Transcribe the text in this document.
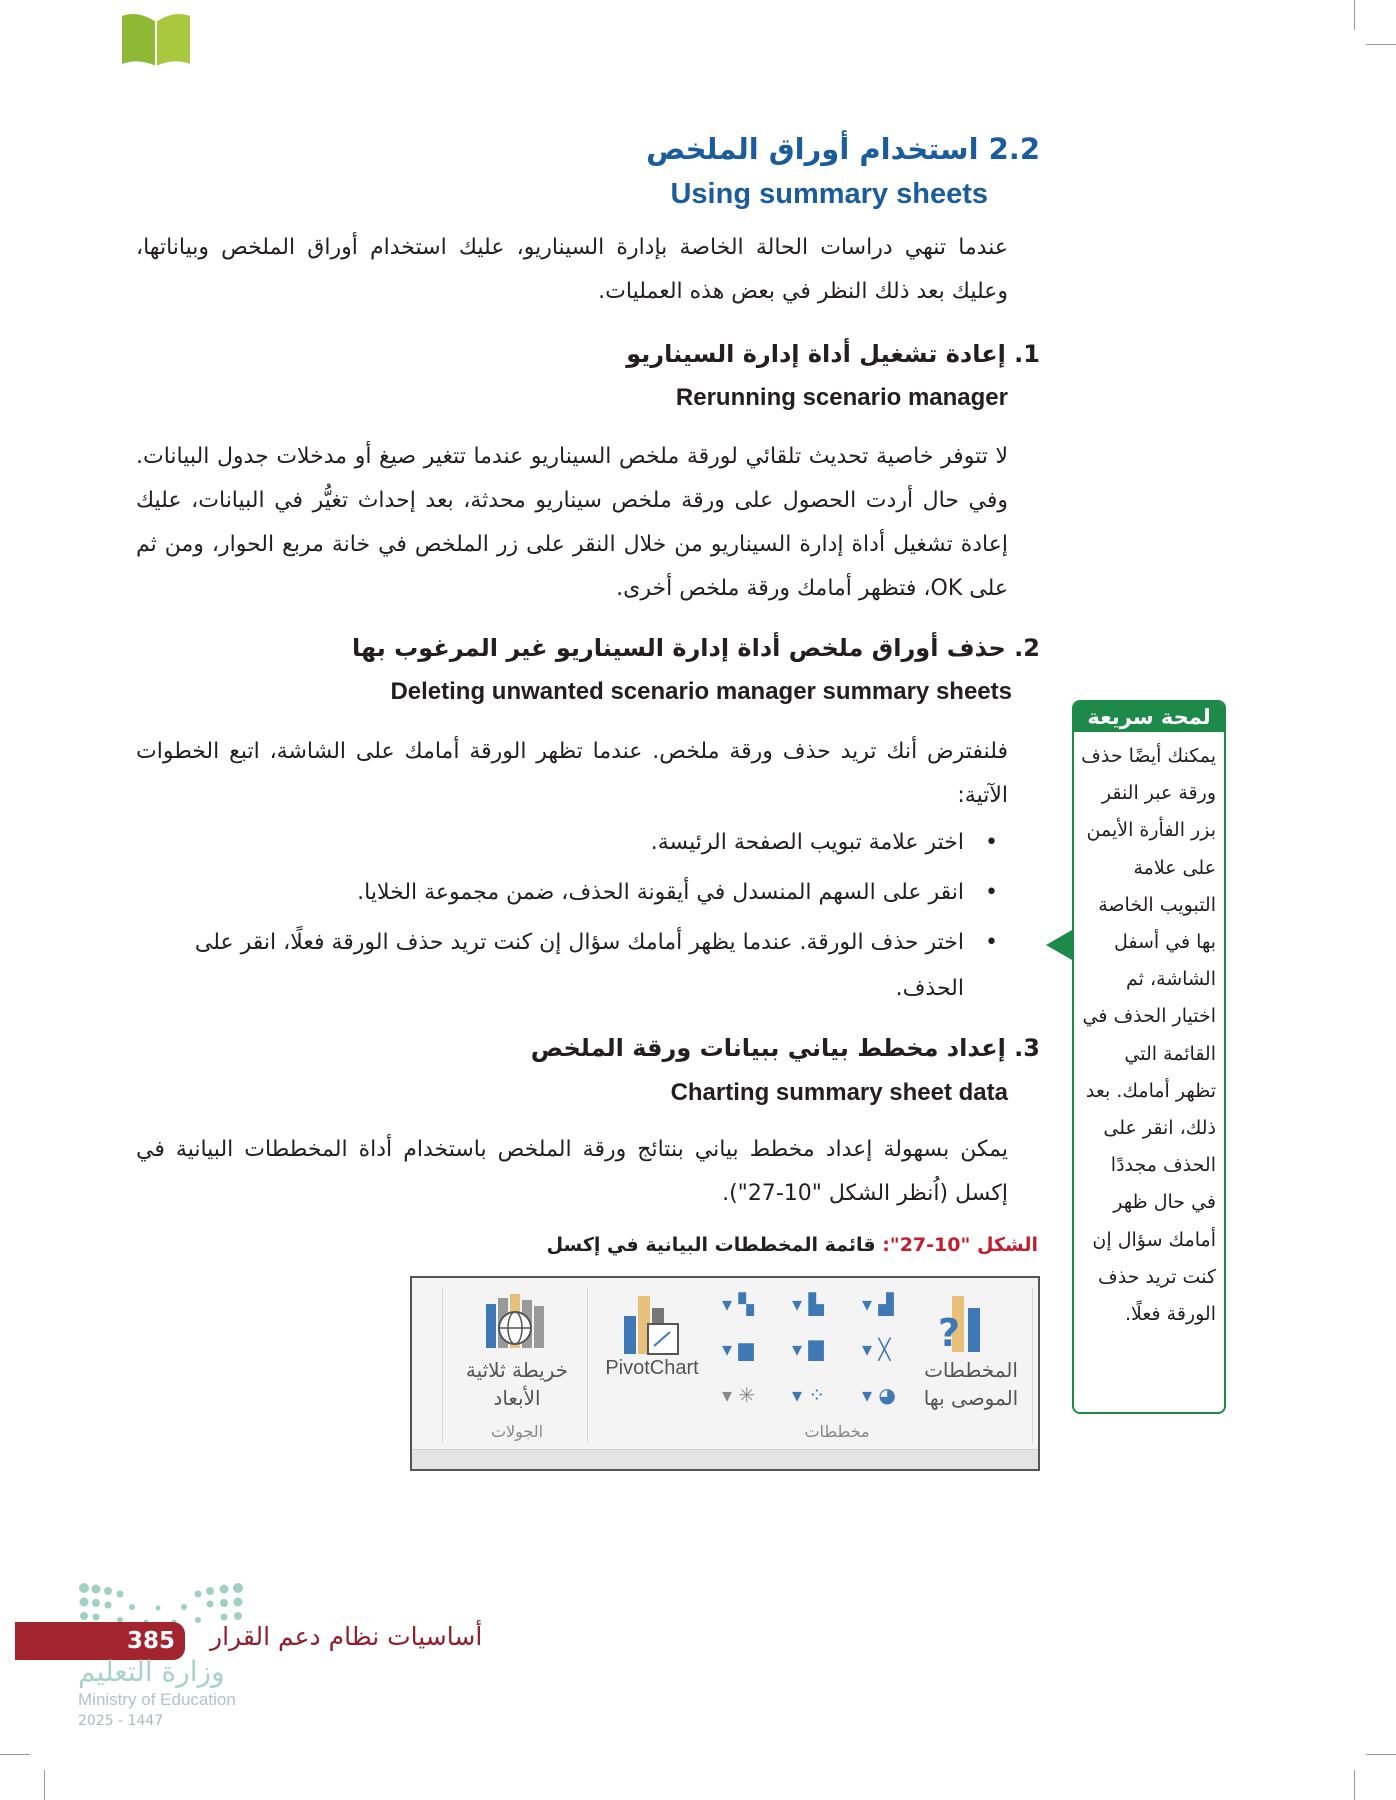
2.2 استخدام أوراق الملخص
Using summary sheets
عندما تنهي دراسات الحالة الخاصة بإدارة السيناريو، عليك استخدام أوراق الملخص وبياناتها، وعليك بعد ذلك النظر في بعض هذه العمليات.
1. إعادة تشغيل أداة إدارة السيناريو
Rerunning scenario manager
لا تتوفر خاصية تحديث تلقائي لورقة ملخص السيناريو عندما تتغير صيغ أو مدخلات جدول البيانات. وفي حال أردت الحصول على ورقة ملخص سيناريو محدثة، بعد إحداث تغيُّر في البيانات، عليك إعادة تشغيل أداة إدارة السيناريو من خلال النقر على زر الملخص في خانة مربع الحوار، ومن ثم على OK، فتظهر أمامك ورقة ملخص أخرى.
2. حذف أوراق ملخص أداة إدارة السيناريو غير المرغوب بها
Deleting unwanted scenario manager summary sheets
فلنفترض أنك تريد حذف ورقة ملخص. عندما تظهر الورقة أمامك على الشاشة، اتبع الخطوات الآتية:
• اختر علامة تبويب الصفحة الرئيسة.
• انقر على السهم المنسدل في أيقونة الحذف، ضمن مجموعة الخلايا.
• اختر حذف الورقة. عندما يظهر أمامك سؤال إن كنت تريد حذف الورقة فعلًا، انقر على الحذف.
3. إعداد مخطط بياني ببيانات ورقة الملخص
Charting summary sheet data
يمكن بسهولة إعداد مخطط بياني بنتائج ورقة الملخص باستخدام أداة المخططات البيانية في إكسل (اُنظر الشكل "10-27").
الشكل "10-27": قائمة المخططات البيانية في إكسل
خريطة ثلاثية الأبعاد
الجولات
PivotChart
مخططات
▾ ▚	▾ ▙	▾ ▟
▾ ▆	▾ ▇	▾ ╳
▾ ✳	▾ ⁘	▾ ◕
?
المخططات الموصى بها
لمحة سريعة
يمكنك أيضًا حذف ورقة عبر النقر بزر الفأرة الأيمن على علامة التبويب الخاصة بها في أسفل الشاشة، ثم اختيار الحذف في القائمة التي تظهر أمامك. بعد ذلك، انقر على الحذف مجددًا في حال ظهر أمامك سؤال إن كنت تريد حذف الورقة فعلًا.
385	أساسيات نظام دعم القرار
وزارة التعليم
Ministry of Education
2025 - 1447
